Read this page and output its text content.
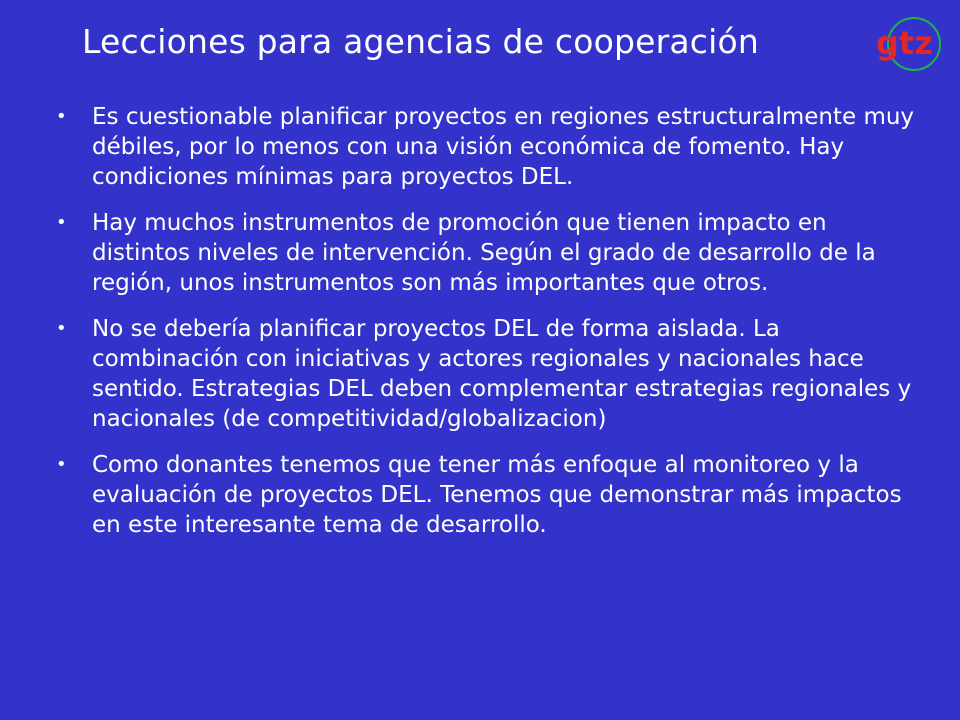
Lecciones para agencias de cooperación	gtz
•	Es cuestionable planificar proyectos en regiones estructuralmente muy débiles, por lo menos con una visión económica de fomento. Hay condiciones mínimas para proyectos DEL.
•	Hay muchos instrumentos de promoción que tienen impacto en distintos niveles de intervención. Según el grado de desarrollo de la región, unos instrumentos son más importantes que otros.
•	No se debería planificar proyectos DEL de forma aislada. La combinación con iniciativas y actores regionales y nacionales hace sentido. Estrategias DEL deben complementar estrategias regionales y nacionales (de competitividad/globalizacion)
•	Como donantes tenemos que tener más enfoque al monitoreo y la evaluación de proyectos DEL. Tenemos que demonstrar más impactos en este interesante tema de desarrollo.
